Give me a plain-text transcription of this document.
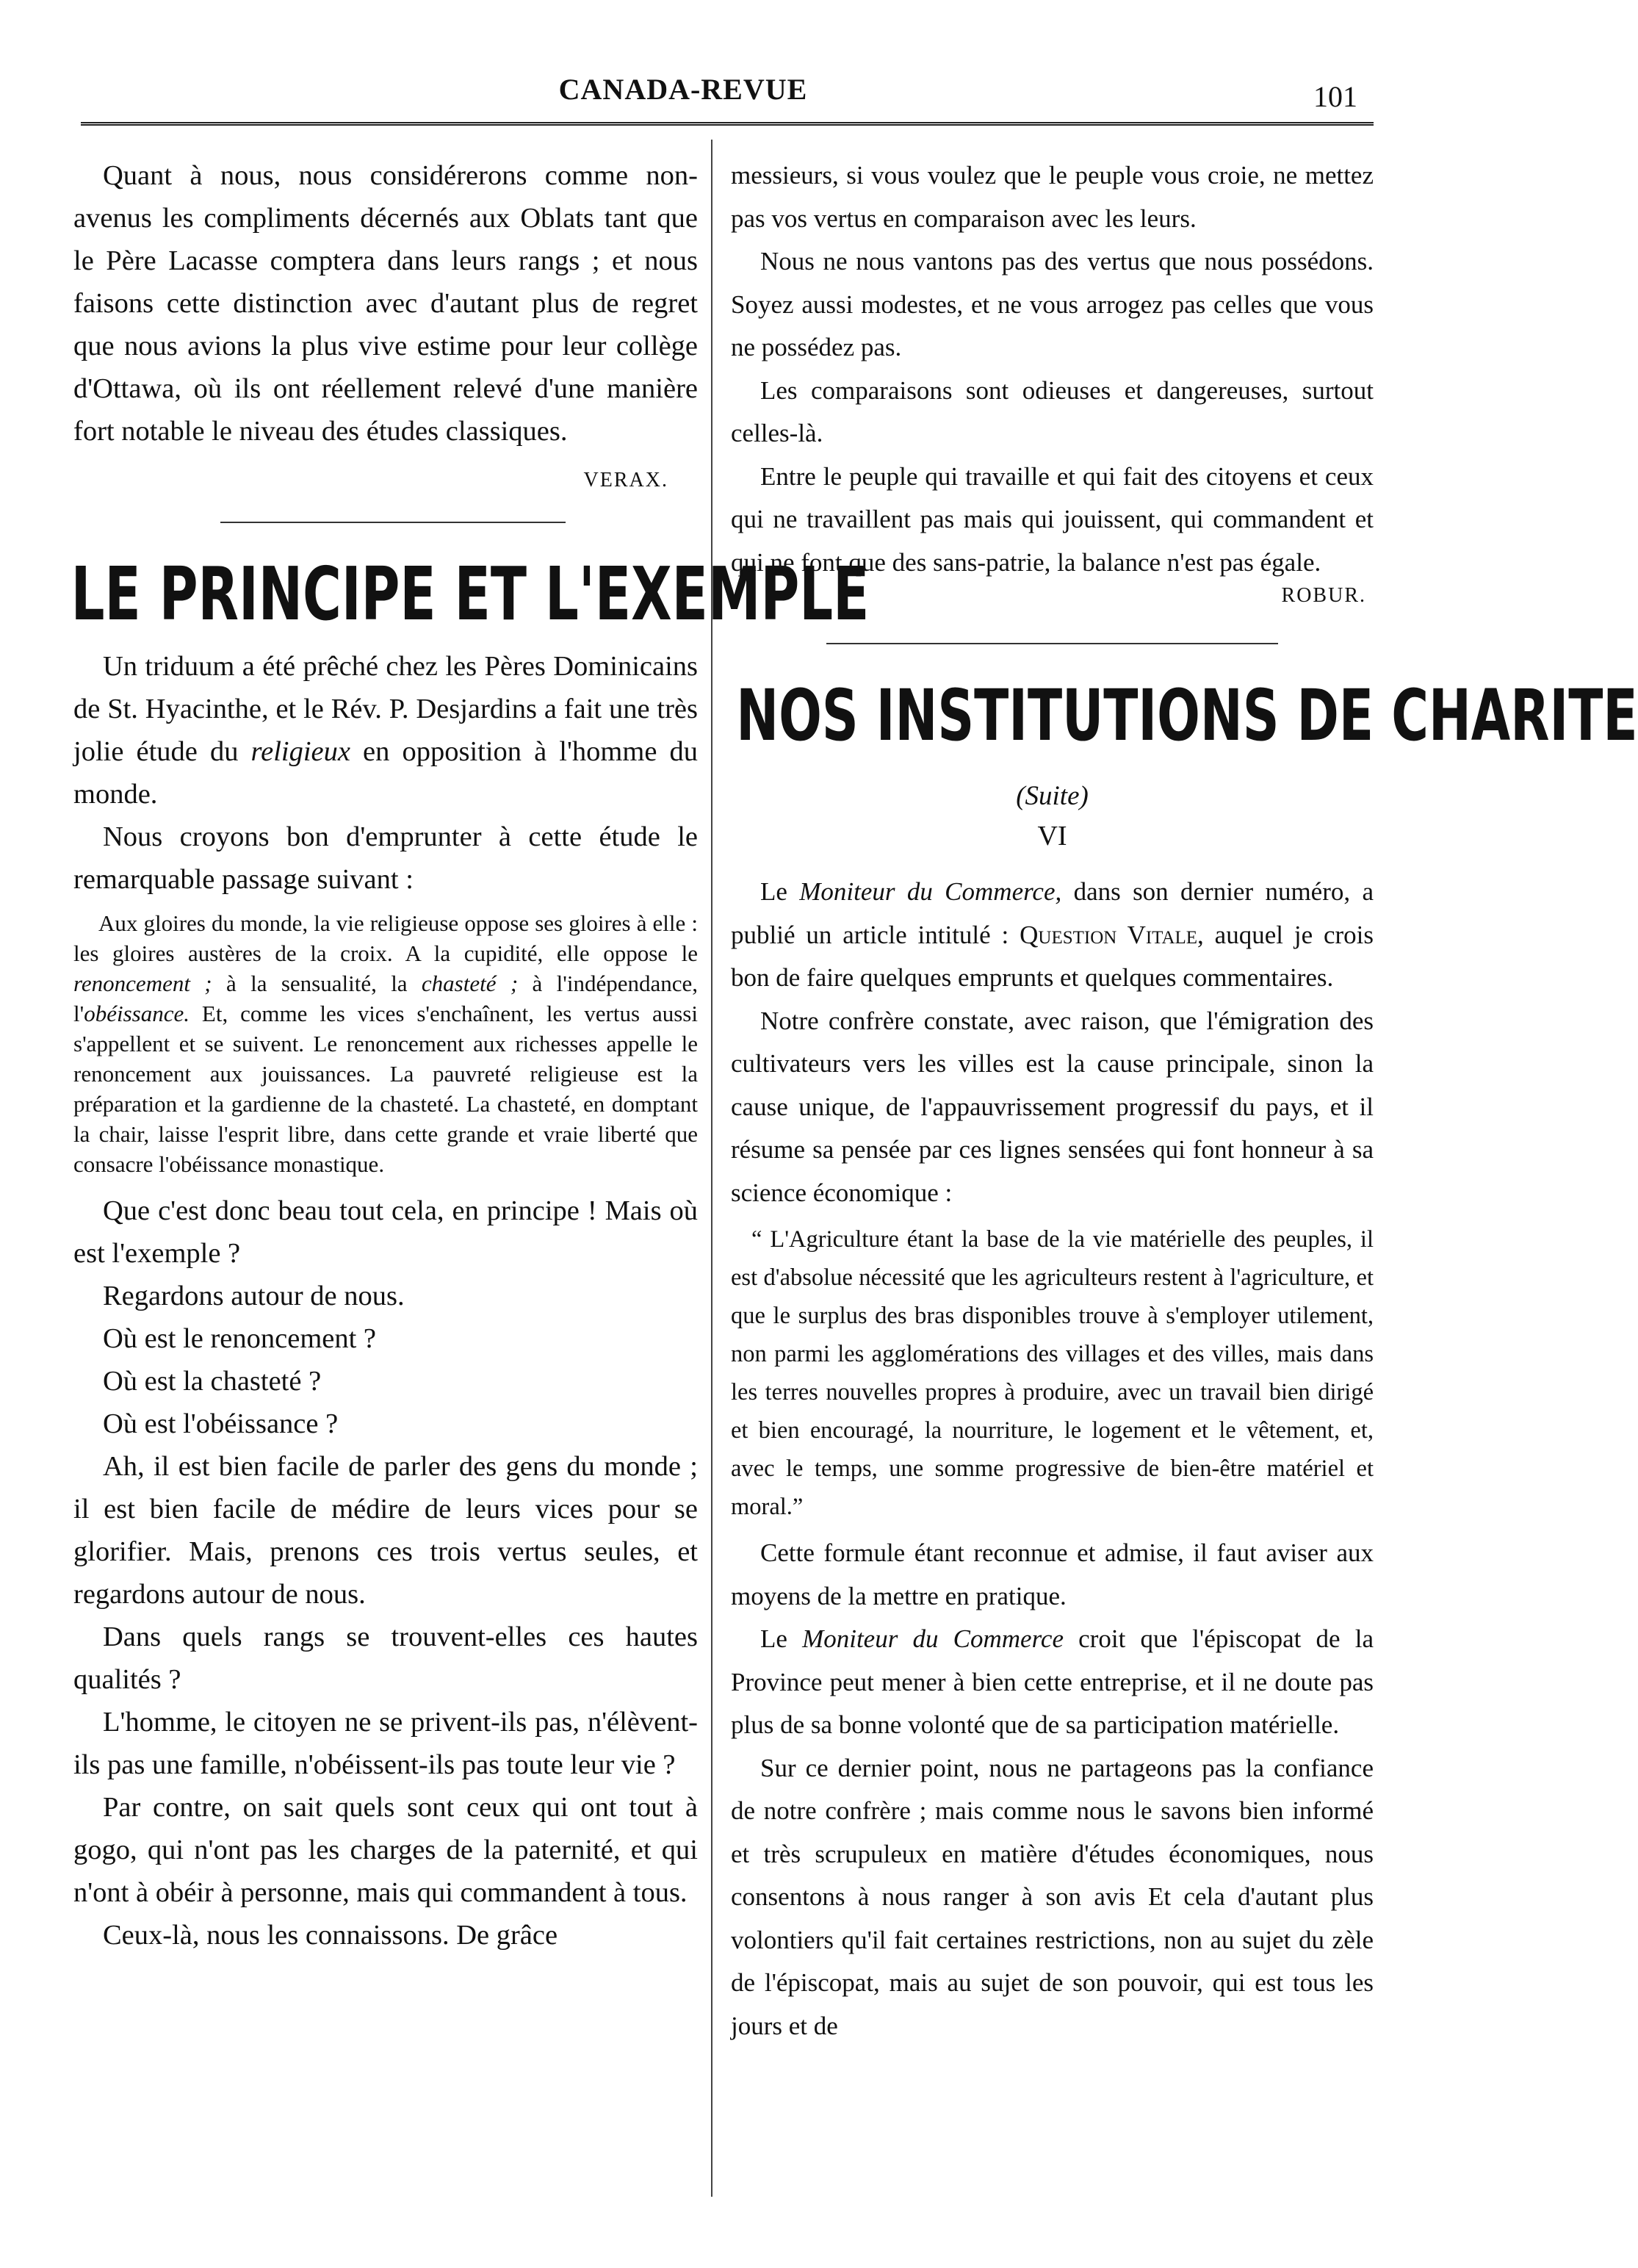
CANADA-REVUE	101

Quant à nous, nous considérerons comme non-avenus les compliments décernés aux Oblats tant que le Père Lacasse comptera dans leurs rangs ; et nous faisons cette distinction avec d'autant plus de regret que nous avions la plus vive estime pour leur collège d'Ottawa, où ils ont réellement relevé d'une manière fort notable le niveau des études classiques.

VERAX.

LE PRINCIPE ET L'EXEMPLE

Un triduum a été prêché chez les Pères Dominicains de St. Hyacinthe, et le Rév. P. Desjardins a fait une très jolie étude du religieux en opposition à l'homme du monde.

Nous croyons bon d'emprunter à cette étude le remarquable passage suivant :

Aux gloires du monde, la vie religieuse oppose ses gloires à elle : les gloires austères de la croix. A la cupidité, elle oppose le renoncement ; à la sensualité, la chasteté ; à l'indépendance, l'obéissance. Et, comme les vices s'enchaînent, les vertus aussi s'appellent et se suivent. Le renoncement aux richesses appelle le renoncement aux jouissances. La pauvreté religieuse est la préparation et la gardienne de la chasteté. La chasteté, en domptant la chair, laisse l'esprit libre, dans cette grande et vraie liberté que consacre l'obéissance monastique.

Que c'est donc beau tout cela, en principe ! Mais où est l'exemple ?

Regardons autour de nous.

Où est le renoncement ?

Où est la chasteté ?

Où est l'obéissance ?

Ah, il est bien facile de parler des gens du monde ; il est bien facile de médire de leurs vices pour se glorifier. Mais, prenons ces trois vertus seules, et regardons autour de nous.

Dans quels rangs se trouvent-elles ces hautes qualités ?

L'homme, le citoyen ne se privent-ils pas, n'élèvent-ils pas une famille, n'obéissent-ils pas toute leur vie ?

Par contre, on sait quels sont ceux qui ont tout à gogo, qui n'ont pas les charges de la paternité, et qui n'ont à obéir à personne, mais qui commandent à tous.

Ceux-là, nous les connaissons. De grâce

messieurs, si vous voulez que le peuple vous croie, ne mettez pas vos vertus en comparaison avec les leurs.

Nous ne nous vantons pas des vertus que nous possédons. Soyez aussi modestes, et ne vous arrogez pas celles que vous ne possédez pas.

Les comparaisons sont odieuses et dangereuses, surtout celles-là.

Entre le peuple qui travaille et qui fait des citoyens et ceux qui ne travaillent pas mais qui jouissent, qui commandent et qui ne font que des sans-patrie, la balance n'est pas égale.

ROBUR.

NOS INSTITUTIONS DE CHARITE

(Suite)

VI

Le Moniteur du Commerce, dans son dernier numéro, a publié un article intitulé : Question Vitale, auquel je crois bon de faire quelques emprunts et quelques commentaires.

Notre confrère constate, avec raison, que l'émigration des cultivateurs vers les villes est la cause principale, sinon la cause unique, de l'appauvrissement progressif du pays, et il résume sa pensée par ces lignes sensées qui font honneur à sa science économique :

“ L'Agriculture étant la base de la vie matérielle des peuples, il est d'absolue nécessité que les agriculteurs restent à l'agriculture, et que le surplus des bras disponibles trouve à s'employer utilement, non parmi les agglomérations des villages et des villes, mais dans les terres nouvelles propres à produire, avec un travail bien dirigé et bien encouragé, la nourriture, le logement et le vêtement, et, avec le temps, une somme progressive de bien-être matériel et moral.”

Cette formule étant reconnue et admise, il faut aviser aux moyens de la mettre en pratique.

Le Moniteur du Commerce croit que l'épiscopat de la Province peut mener à bien cette entreprise, et il ne doute pas plus de sa bonne volonté que de sa participation matérielle.

Sur ce dernier point, nous ne partageons pas la confiance de notre confrère ; mais comme nous le savons bien informé et très scrupuleux en matière d'études économiques, nous consentons à nous ranger à son avis Et cela d'autant plus volontiers qu'il fait certaines restrictions, non au sujet du zèle de l'épiscopat, mais au sujet de son pouvoir, qui est tous les jours et de
